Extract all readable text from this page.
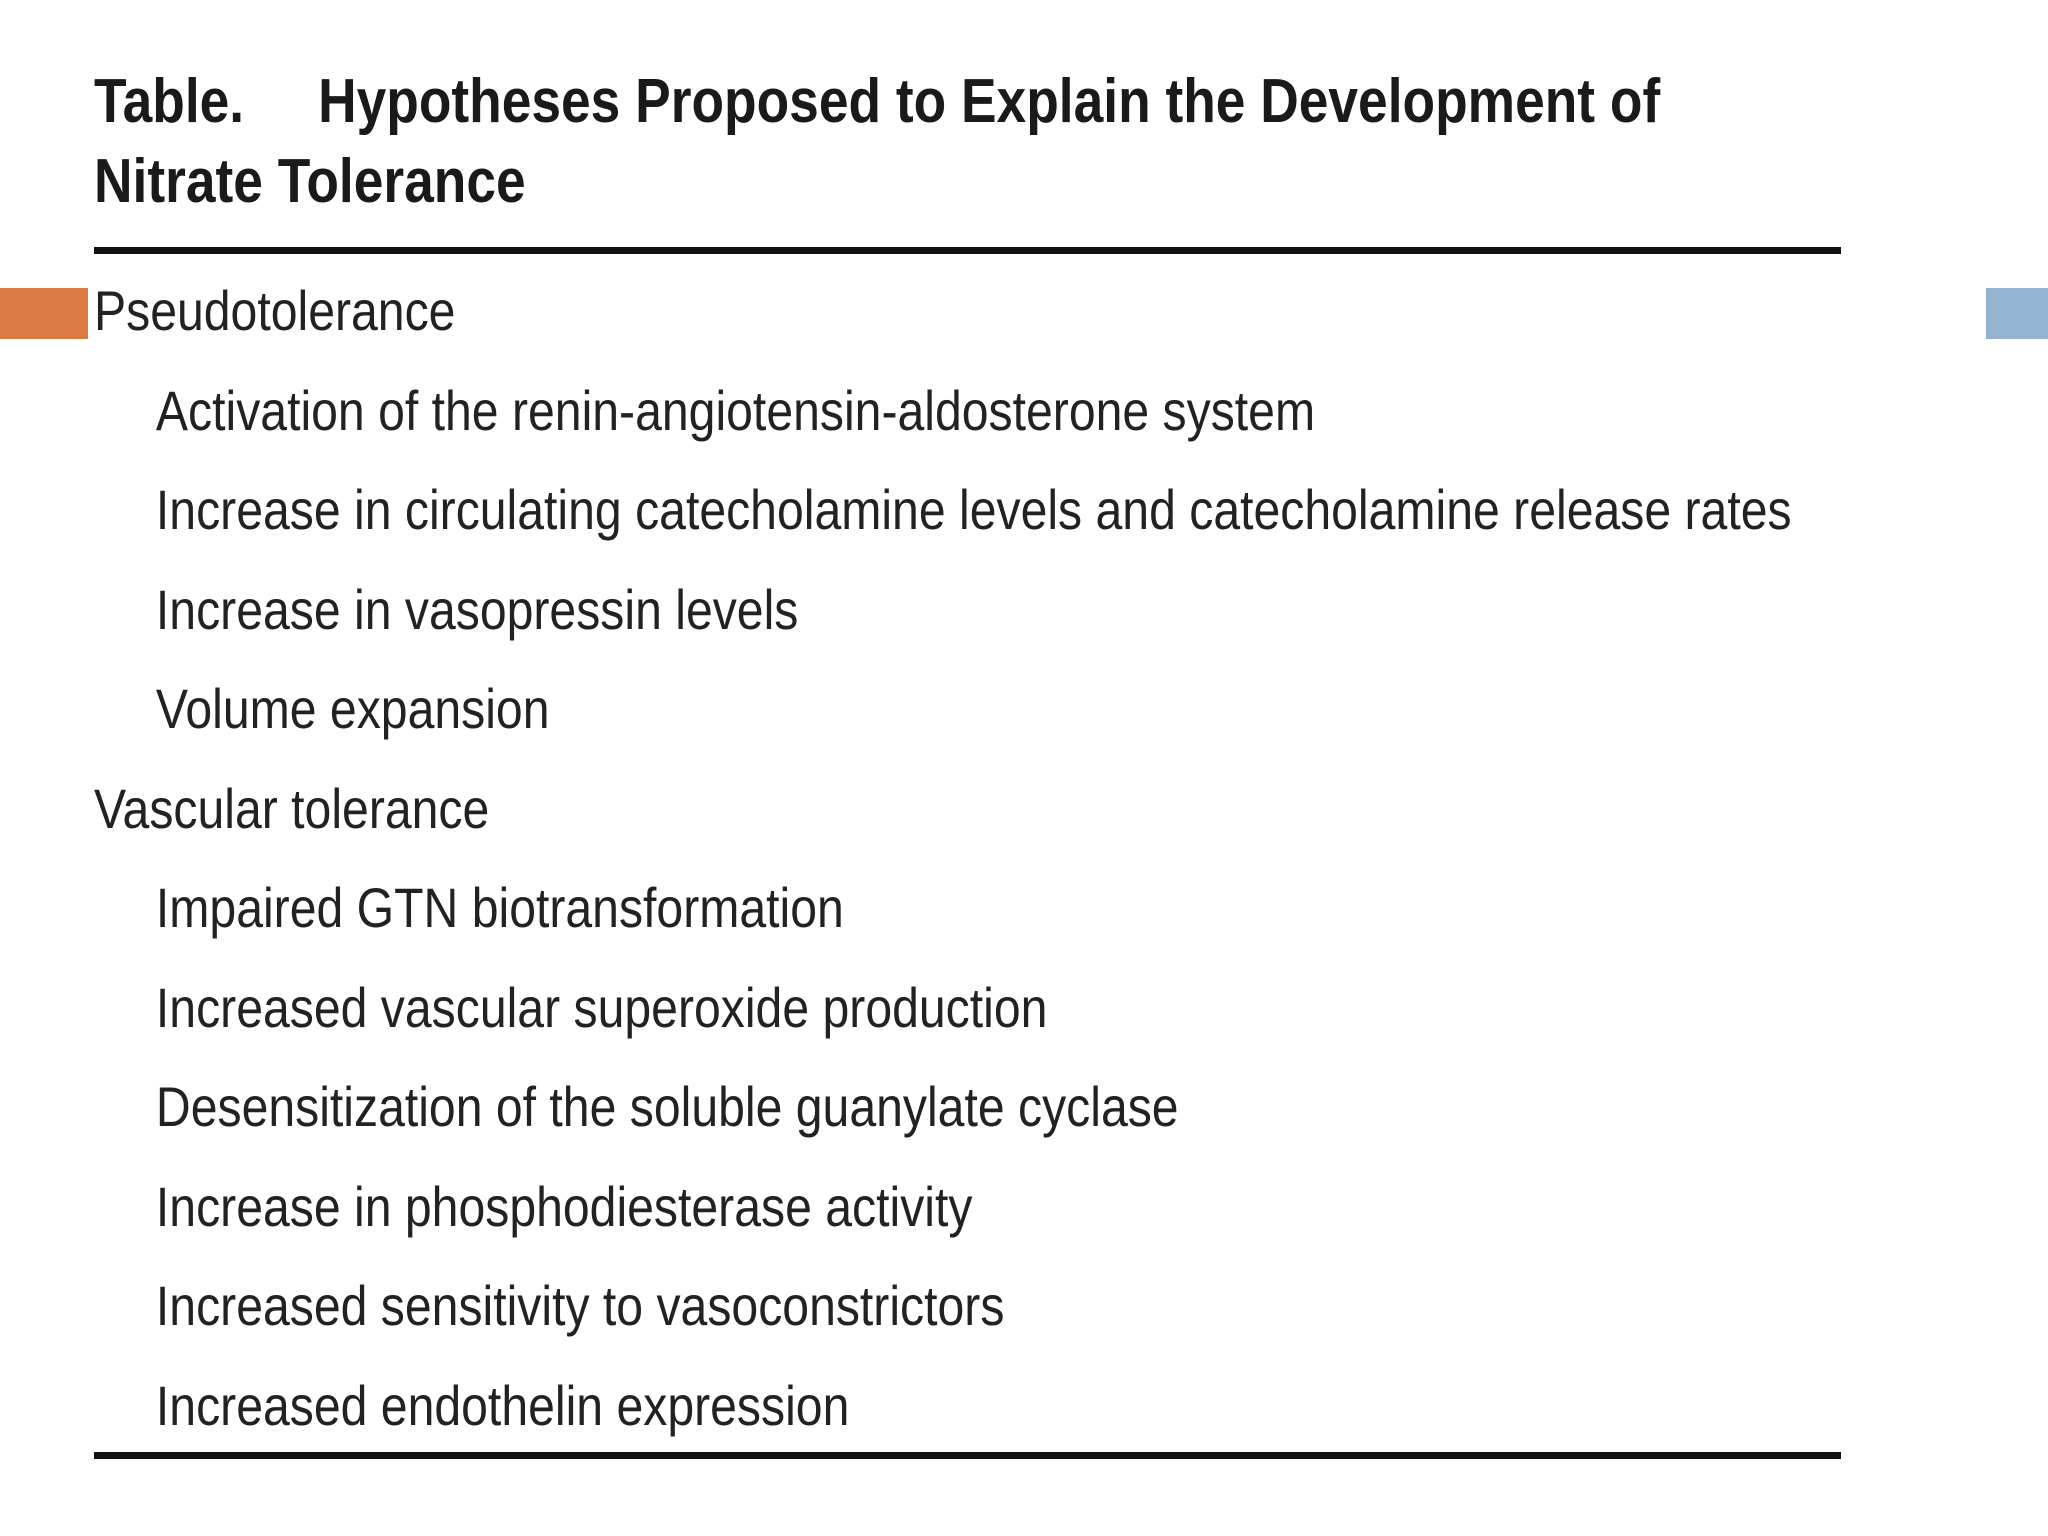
Table. Hypotheses Proposed to Explain the Development of
Nitrate Tolerance
Pseudotolerance
Activation of the renin-angiotensin-aldosterone system
Increase in circulating catecholamine levels and catecholamine release rates
Increase in vasopressin levels
Volume expansion
Vascular tolerance
Impaired GTN biotransformation
Increased vascular superoxide production
Desensitization of the soluble guanylate cyclase
Increase in phosphodiesterase activity
Increased sensitivity to vasoconstrictors
Increased endothelin expression
